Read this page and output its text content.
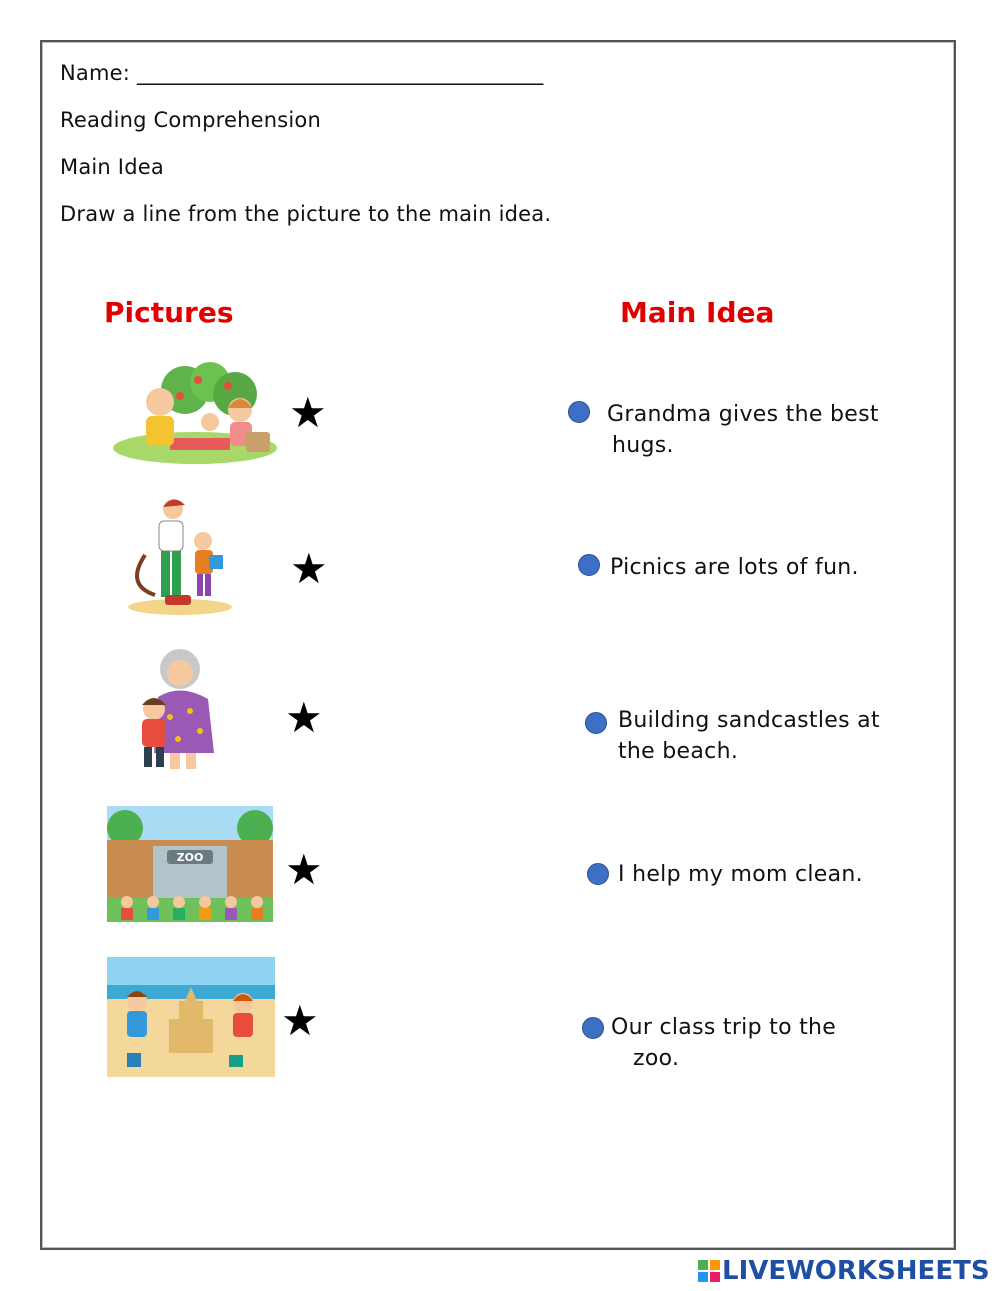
Name: ______________________________________
Reading Comprehension
Main Idea
Draw a line from the picture to the main idea.
Pictures	Main Idea
★
★
★
ZOO ★
★
Grandma gives the best
hugs.
Picnics are lots of fun.
Building sandcastles at
the beach.
I help my mom clean.
Our class trip to the
zoo.
LIVEWORKSHEETS
